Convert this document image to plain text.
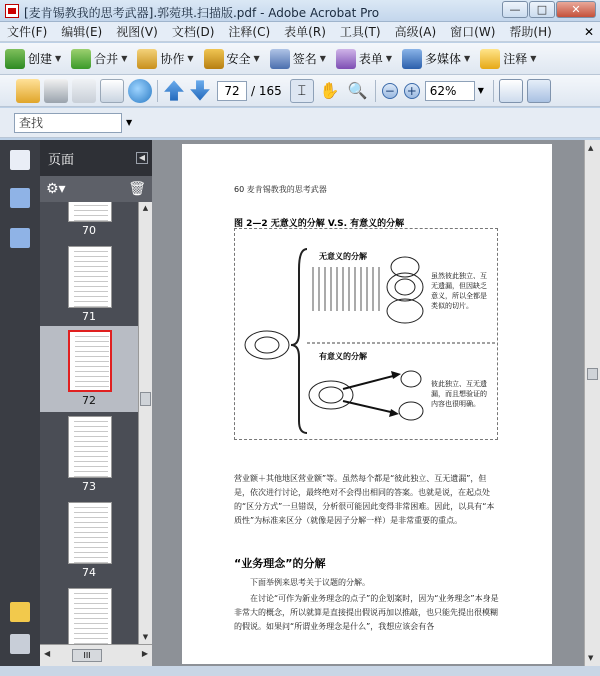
[麦肯锡教我的思考武器].郭菀琪.扫描版.pdf - Adobe Acrobat Pro	—	□	✕
文件(F)	编辑(E)	视图(V)	文档(D)	注释(C)	表单(R)	工具(T)	高级(A)	窗口(W)	帮助(H)	✕
创建 ▼	合并 ▼	协作 ▼	安全 ▼	签名 ▼	表单 ▼	多媒体 ▼	注释 ▼
72 / 165	⌶ ✋ 🔍 − +	62%	▼
查找	▼
页面	◀
⚙▾	🗑
70
71
72
73
74
▲
▼
◀	III	▶
60 麦肯锡教我的思考武器
图 2—2 无意义的分解 V.S. 有意义的分解
无意义的分解
虽然彼此独立、互无遗漏，但因缺乏意义，所以全都是类似的切片。
有意义的分解
彼此独立、互无遗漏，而且想验证的内容也很明确。
营业额＋其他地区营业额”等。虽然每个都是“彼此独立、互无遗漏”，但是，依次进行讨论，最终绝对不会得出相同的答案。也就是说，在起点处的“区分方式”一旦错误，分析很可能因此变得非常困难。因此，以具有“本质性”为标准来区分（就像是因子分解一样）是非常重要的重点。
“业务理念”的分解
下面举例来思考关于议题的分解。
在讨论“可作为新业务理念的点子”的企划案时，因为“业务理念”本身是非常大的概念，所以就算是直接提出假说再加以推敲，也只能先提出很模糊的假说。如果问“所谓业务理念是什么”，我想应该会有各
▲
▼
